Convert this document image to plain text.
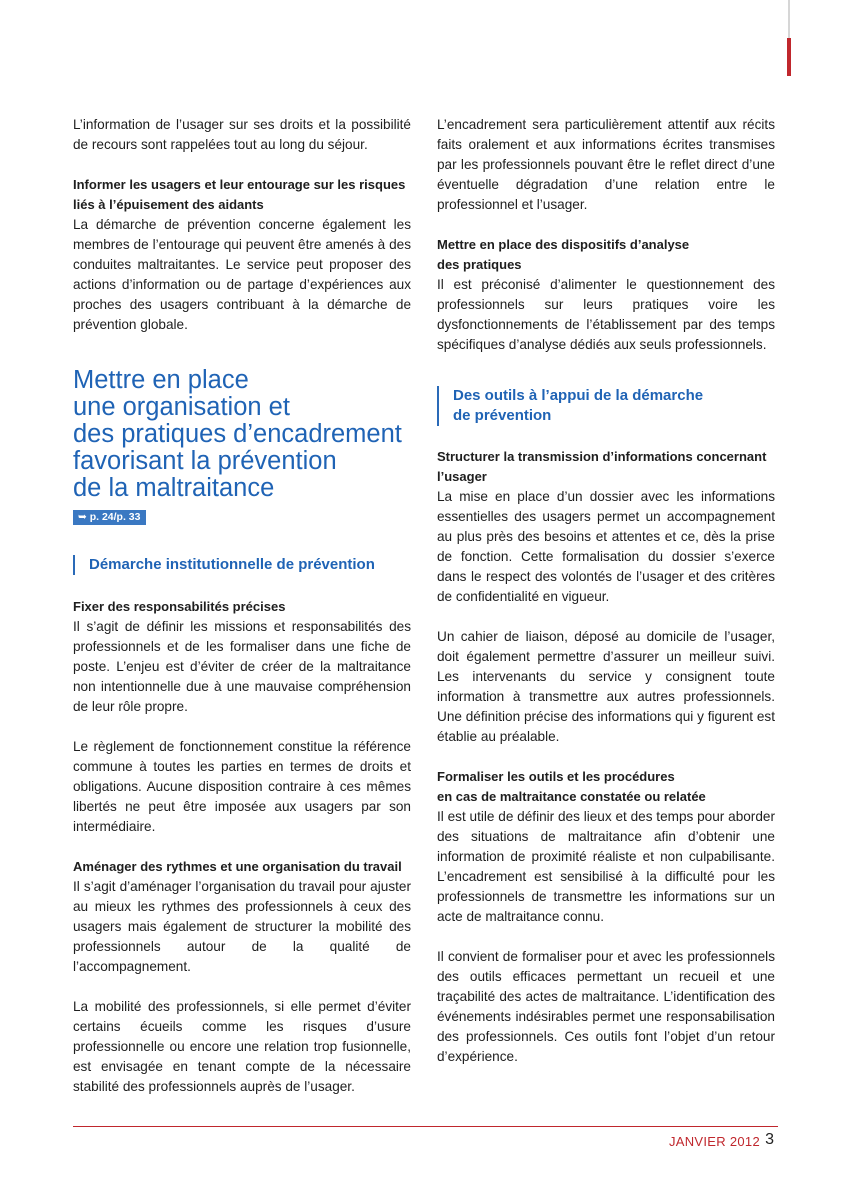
L’information de l’usager sur ses droits et la possibilité de recours sont rappelées tout au long du séjour.

Informer les usagers et leur entourage sur les risques liés à l’épuisement des aidants

La démarche de prévention concerne également les membres de l’entourage qui peuvent être amenés à des conduites maltraitantes. Le service peut proposer des actions d’information ou de partage d’expériences aux proches des usagers contribuant à la démarche de prévention globale.

Mettre en place
une organisation et
des pratiques d’encadrement
favorisant la prévention
de la maltraitance
➥ p. 24/p. 33
Démarche institutionnelle de prévention

Fixer des responsabilités précises

Il s’agit de définir les missions et responsabilités des professionnels et de les formaliser dans une fiche de poste. L’enjeu est d’éviter de créer de la maltraitance non intentionnelle due à une mauvaise compréhension de leur rôle propre.

Le règlement de fonctionnement constitue la référence commune à toutes les parties en termes de droits et obligations. Aucune disposition contraire à ces mêmes libertés ne peut être imposée aux usagers par son intermédiaire.

Aménager des rythmes et une organisation du travail

Il s’agit d’aménager l’organisation du travail pour ajuster au mieux les rythmes des professionnels à ceux des usagers mais également de structurer la mobilité des professionnels autour de la qualité de l’accompagnement.

La mobilité des professionnels, si elle permet d’éviter certains écueils comme les risques d’usure professionnelle ou encore une relation trop fusionnelle, est envisagée en tenant compte de la nécessaire stabilité des professionnels auprès de l’usager.

L’encadrement sera particulièrement attentif aux récits faits oralement et aux informations écrites transmises par les professionnels pouvant être le reflet direct d’une éventuelle dégradation d’une relation entre le professionnel et l’usager.

Mettre en place des dispositifs d’analyse
des pratiques

Il est préconisé d’alimenter le questionnement des professionnels sur leurs pratiques voire les dysfonctionnements de l’établissement par des temps spécifiques d’analyse dédiés aux seuls professionnels.

Des outils à l’appui de la démarche
de prévention

Structurer la transmission d’informations concernant l’usager

La mise en place d’un dossier avec les informations essentielles des usagers permet un accompagnement au plus près des besoins et attentes et ce, dès la prise de fonction. Cette formalisation du dossier s’exerce dans le respect des volontés de l’usager et des critères de confidentialité en vigueur.

Un cahier de liaison, déposé au domicile de l’usager, doit également permettre d’assurer un meilleur suivi. Les intervenants du service y consignent toute information à transmettre aux autres professionnels. Une définition précise des informations qui y figurent est établie au préalable.

Formaliser les outils et les procédures
en cas de maltraitance constatée ou relatée

Il est utile de définir des lieux et des temps pour aborder des situations de maltraitance afin d’obtenir une information de proximité réaliste et non culpabilisante. L’encadrement est sensibilisé à la difficulté pour les professionnels de transmettre les informations sur un acte de maltraitance connu.

Il convient de formaliser pour et avec les professionnels des outils efficaces permettant un recueil et une traçabilité des actes de maltraitance. L’identification des événements indésirables permet une responsabilisation des professionnels. Ces outils font l’objet d’un retour d’expérience.

JANVIER 2012 3
